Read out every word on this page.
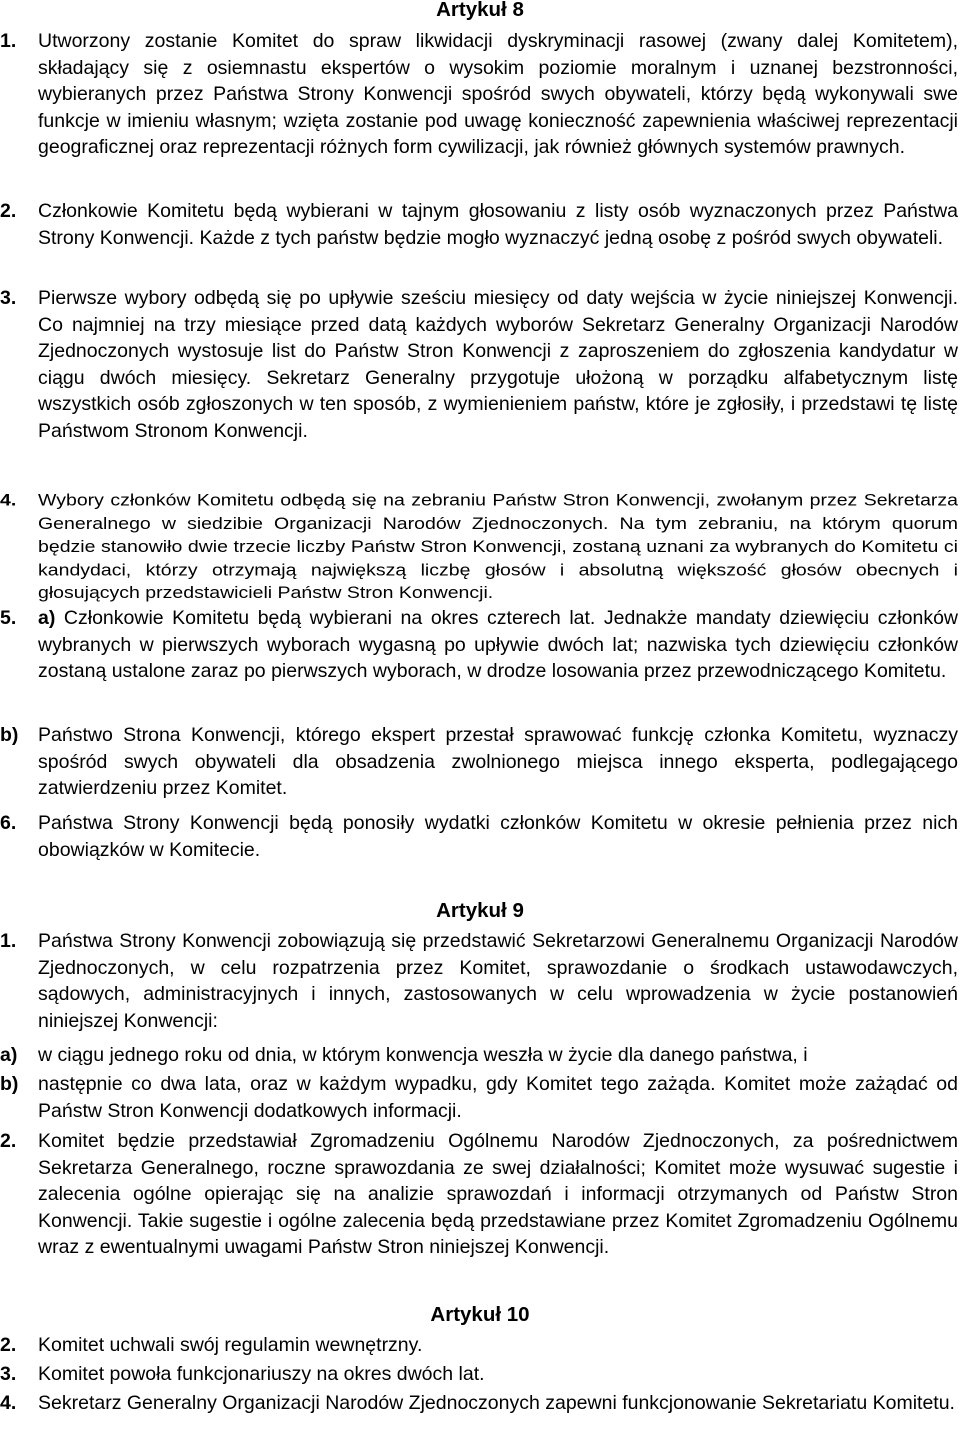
Artykuł 8
1. Utworzony zostanie Komitet do spraw likwidacji dyskryminacji rasowej (zwany dalej Komitetem), składający się z osiemnastu ekspertów o wysokim poziomie moralnym i uznanej bezstronności, wybieranych przez Państwa Strony Konwencji spośród swych obywateli, którzy będą wykonywali swe funkcje w imieniu własnym; wzięta zostanie pod uwagę konieczność zapewnienia właściwej reprezentacji geograficznej oraz reprezentacji różnych form cywilizacji, jak również głównych systemów prawnych.
2. Członkowie Komitetu będą wybierani w tajnym głosowaniu z listy osób wyznaczonych przez Państwa Strony Konwencji. Każde z tych państw będzie mogło wyznaczyć jedną osobę z pośród swych obywateli.
3. Pierwsze wybory odbędą się po upływie sześciu miesięcy od daty wejścia w życie niniejszej Konwencji. Co najmniej na trzy miesiące przed datą każdych wyborów Sekretarz Generalny Organizacji Narodów Zjednoczonych wystosuje list do Państw Stron Konwencji z zaproszeniem do zgłoszenia kandydatur w ciągu dwóch miesięcy. Sekretarz Generalny przygotuje ułożoną w porządku alfabetycznym listę wszystkich osób zgłoszonych w ten sposób, z wymienieniem państw, które je zgłosiły, i przedstawi tę listę Państwom Stronom Konwencji.
4. Wybory członków Komitetu odbędą się na zebraniu Państw Stron Konwencji, zwołanym przez Sekretarza Generalnego w siedzibie Organizacji Narodów Zjednoczonych. Na tym zebraniu, na którym quorum będzie stanowiło dwie trzecie liczby Państw Stron Konwencji, zostaną uznani za wybranych do Komitetu ci kandydaci, którzy otrzymają największą liczbę głosów i absolutną większość głosów obecnych i głosujących przedstawicieli Państw Stron Konwencji.
5. a) Członkowie Komitetu będą wybierani na okres czterech lat. Jednakże mandaty dziewięciu członków wybranych w pierwszych wyborach wygasną po upływie dwóch lat; nazwiska tych dziewięciu członków zostaną ustalone zaraz po pierwszych wyborach, w drodze losowania przez przewodniczącego Komitetu.
b) Państwo Strona Konwencji, którego ekspert przestał sprawować funkcję członka Komitetu, wyznaczy spośród swych obywateli dla obsadzenia zwolnionego miejsca innego eksperta, podlegającego zatwierdzeniu przez Komitet.
6. Państwa Strony Konwencji będą ponosiły wydatki członków Komitetu w okresie pełnienia przez nich obowiązków w Komitecie.
Artykuł 9
1. Państwa Strony Konwencji zobowiązują się przedstawić Sekretarzowi Generalnemu Organizacji Narodów Zjednoczonych, w celu rozpatrzenia przez Komitet, sprawozdanie o środkach ustawodawczych, sądowych, administracyjnych i innych, zastosowanych w celu wprowadzenia w życie postanowień niniejszej Konwencji:
a) w ciągu jednego roku od dnia, w którym konwencja weszła w życie dla danego państwa, i
b) następnie co dwa lata, oraz w każdym wypadku, gdy Komitet tego zażąda. Komitet może zażądać od Państw Stron Konwencji dodatkowych informacji.
2. Komitet będzie przedstawiał Zgromadzeniu Ogólnemu Narodów Zjednoczonych, za pośrednictwem Sekretarza Generalnego, roczne sprawozdania ze swej działalności; Komitet może wysuwać sugestie i zalecenia ogólne opierając się na analizie sprawozdań i informacji otrzymanych od Państw Stron Konwencji. Takie sugestie i ogólne zalecenia będą przedstawiane przez Komitet Zgromadzeniu Ogólnemu wraz z ewentualnymi uwagami Państw Stron niniejszej Konwencji.
Artykuł 10
2. Komitet uchwali swój regulamin wewnętrzny.
3. Komitet powoła funkcjonariuszy na okres dwóch lat.
4. Sekretarz Generalny Organizacji Narodów Zjednoczonych zapewni funkcjonowanie Sekretariatu Komitetu.
